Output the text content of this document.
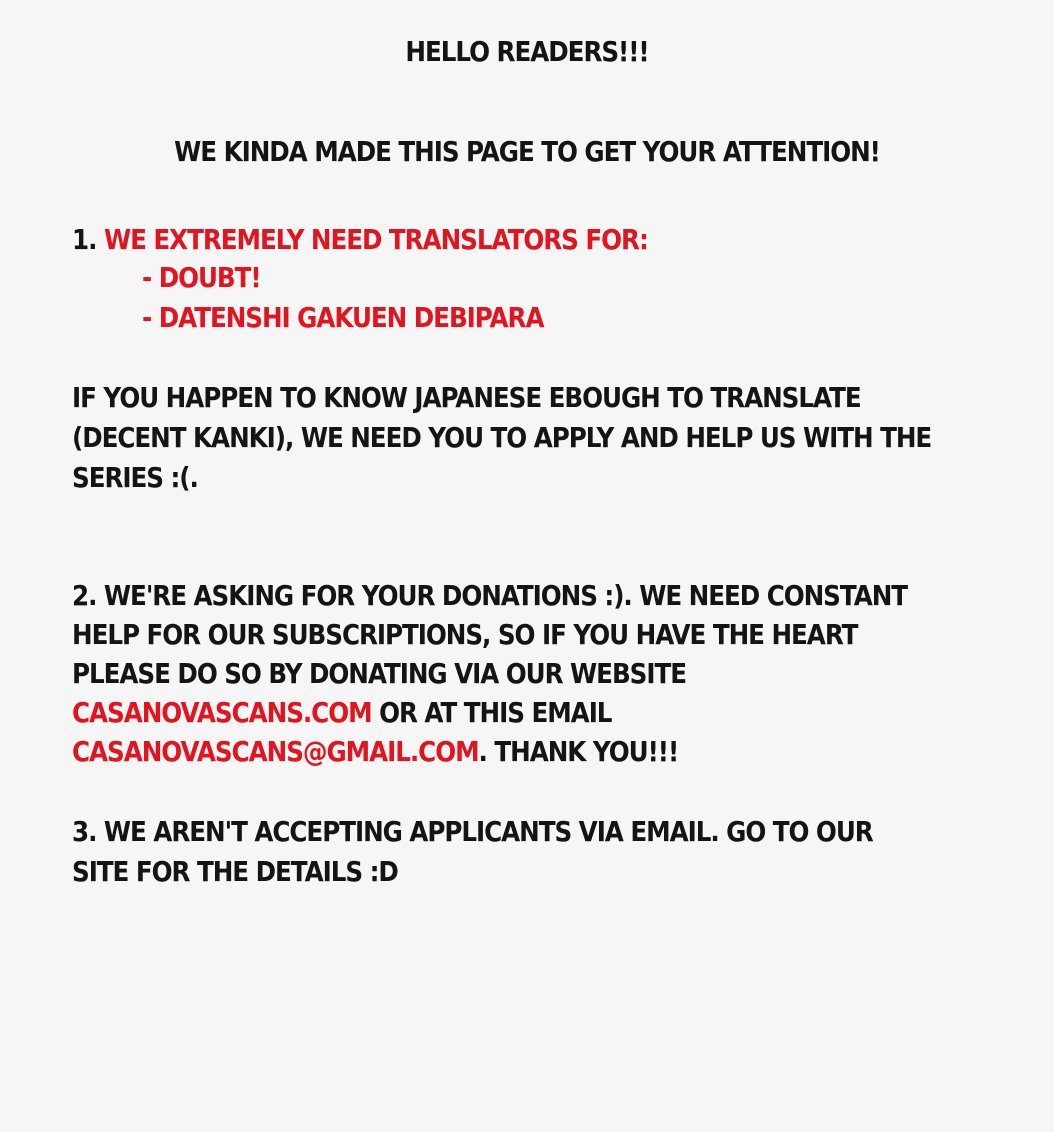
HELLO READERS!!!
WE KINDA MADE THIS PAGE TO GET YOUR ATTENTION!
1. WE EXTREMELY NEED TRANSLATORS FOR:
- DOUBT!
- DATENSHI GAKUEN DEBIPARA
IF YOU HAPPEN TO KNOW JAPANESE EBOUGH TO TRANSLATE
(DECENT KANKI), WE NEED YOU TO APPLY AND HELP US WITH THE
SERIES :(.
2. WE'RE ASKING FOR YOUR DONATIONS :). WE NEED CONSTANT
HELP FOR OUR SUBSCRIPTIONS, SO IF YOU HAVE THE HEART
PLEASE DO SO BY DONATING VIA OUR WEBSITE
CASANOVASCANS.COM OR AT THIS EMAIL
CASANOVASCANS@GMAIL.COM. THANK YOU!!!
3. WE AREN'T ACCEPTING APPLICANTS VIA EMAIL. GO TO OUR
SITE FOR THE DETAILS :D
